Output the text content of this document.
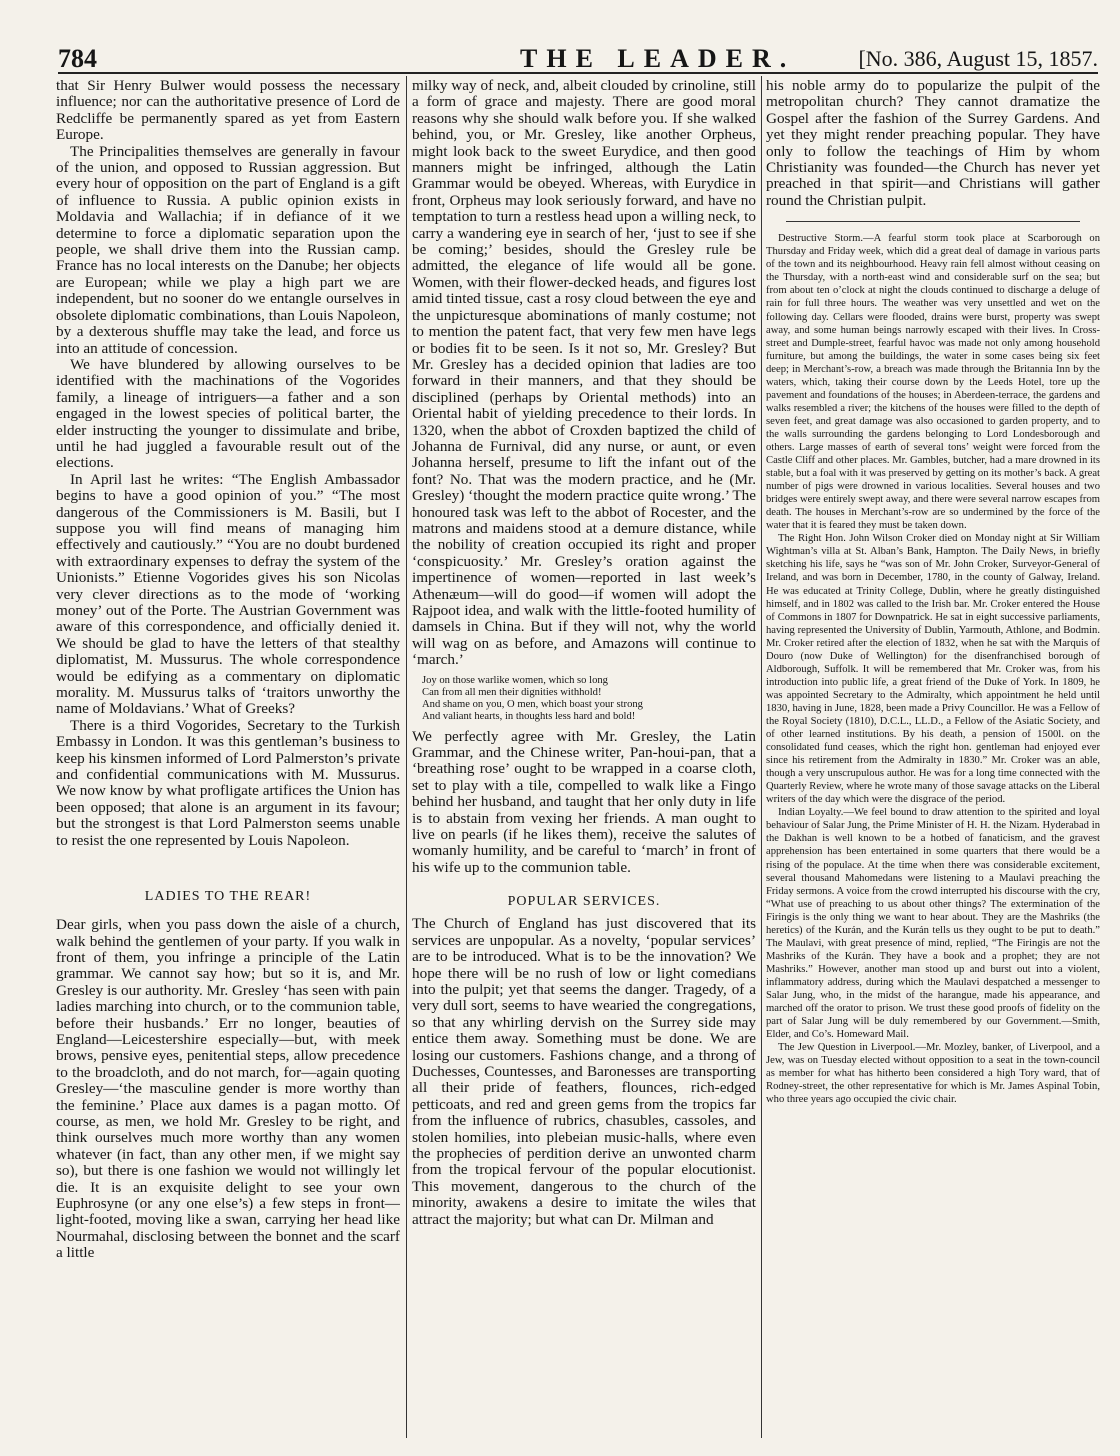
784	THE LEADER.	[No. 386, August 15, 1857.

that Sir Henry Bulwer would possess the necessary influence; nor can the authoritative presence of Lord de Redcliffe be permanently spared as yet from Eastern Europe.

The Principalities themselves are generally in favour of the union, and opposed to Russian aggression. But every hour of opposition on the part of England is a gift of influence to Russia. A public opinion exists in Moldavia and Wallachia; if in defiance of it we determine to force a diplomatic separation upon the people, we shall drive them into the Russian camp. France has no local interests on the Danube; her objects are European; while we play a high part we are independent, but no sooner do we entangle ourselves in obsolete diplomatic combinations, than Louis Napoleon, by a dexterous shuffle may take the lead, and force us into an attitude of concession.

We have blundered by allowing ourselves to be identified with the machinations of the Vogorides family, a lineage of intriguers—a father and a son engaged in the lowest species of political barter, the elder instructing the younger to dissimulate and bribe, until he had juggled a favourable result out of the elections.

In April last he writes: “The English Ambassador begins to have a good opinion of you.” “The most dangerous of the Commissioners is M. Basili, but I suppose you will find means of managing him effectively and cautiously.” “You are no doubt burdened with extraordinary expenses to defray the system of the Unionists.” Etienne Vogorides gives his son Nicolas very clever directions as to the mode of ‘working money’ out of the Porte. The Austrian Government was aware of this correspondence, and officially denied it. We should be glad to have the letters of that stealthy diplomatist, M. Mussurus. The whole correspondence would be edifying as a commentary on diplomatic morality. M. Mussurus talks of ‘traitors unworthy the name of Moldavians.’ What of Greeks?

There is a third Vogorides, Secretary to the Turkish Embassy in London. It was this gentleman’s business to keep his kinsmen informed of Lord Palmerston’s private and confidential communications with M. Mussurus. We now know by what profligate artifices the Union has been opposed; that alone is an argument in its favour; but the strongest is that Lord Palmerston seems unable to resist the one represented by Louis Napoleon.

LADIES TO THE REAR!

Dear girls, when you pass down the aisle of a church, walk behind the gentlemen of your party. If you walk in front of them, you infringe a principle of the Latin grammar. We cannot say how; but so it is, and Mr. Gresley is our authority. Mr. Gresley ‘has seen with pain ladies marching into church, or to the communion table, before their husbands.’ Err no longer, beauties of England—Leicestershire especially—but, with meek brows, pensive eyes, penitential steps, allow precedence to the broadcloth, and do not march, for—again quoting Gresley—‘the masculine gender is more worthy than the feminine.’ Place aux dames is a pagan motto. Of course, as men, we hold Mr. Gresley to be right, and think ourselves much more worthy than any women whatever (in fact, than any other men, if we might say so), but there is one fashion we would not willingly let die. It is an exquisite delight to see your own Euphrosyne (or any one else’s) a few steps in front—light-footed, moving like a swan, carrying her head like Nourmahal, disclosing between the bonnet and the scarf a little

milky way of neck, and, albeit clouded by crinoline, still a form of grace and majesty. There are good moral reasons why she should walk before you. If she walked behind, you, or Mr. Gresley, like another Orpheus, might look back to the sweet Eurydice, and then good manners might be infringed, although the Latin Grammar would be obeyed. Whereas, with Eurydice in front, Orpheus may look seriously forward, and have no temptation to turn a restless head upon a willing neck, to carry a wandering eye in search of her, ‘just to see if she be coming;’ besides, should the Gresley rule be admitted, the elegance of life would all be gone. Women, with their flower-decked heads, and figures lost amid tinted tissue, cast a rosy cloud between the eye and the unpicturesque abominations of manly costume; not to mention the patent fact, that very few men have legs or bodies fit to be seen. Is it not so, Mr. Gresley? But Mr. Gresley has a decided opinion that ladies are too forward in their manners, and that they should be disciplined (perhaps by Oriental methods) into an Oriental habit of yielding precedence to their lords. In 1320, when the abbot of Croxden baptized the child of Johanna de Furnival, did any nurse, or aunt, or even Johanna herself, presume to lift the infant out of the font? No. That was the modern practice, and he (Mr. Gresley) ‘thought the modern practice quite wrong.’ The honoured task was left to the abbot of Rocester, and the matrons and maidens stood at a demure distance, while the nobility of creation occupied its right and proper ‘conspicuosity.’ Mr. Gresley’s oration against the impertinence of women—reported in last week’s Athenæum—will do good—if women will adopt the Rajpoot idea, and walk with the little-footed humility of damsels in China. But if they will not, why the world will wag on as before, and Amazons will continue to ‘march.’

Joy on those warlike women, which so long
Can from all men their dignities withhold!
And shame on you, O men, which boast your strong
And valiant hearts, in thoughts less hard and bold!

We perfectly agree with Mr. Gresley, the Latin Grammar, and the Chinese writer, Pan-houi-pan, that a ‘breathing rose’ ought to be wrapped in a coarse cloth, set to play with a tile, compelled to walk like a Fingo behind her husband, and taught that her only duty in life is to abstain from vexing her friends. A man ought to live on pearls (if he likes them), receive the salutes of womanly humility, and be careful to ‘march’ in front of his wife up to the communion table.

POPULAR SERVICES.

The Church of England has just discovered that its services are unpopular. As a novelty, ‘popular services’ are to be introduced. What is to be the innovation? We hope there will be no rush of low or light comedians into the pulpit; yet that seems the danger. Tragedy, of a very dull sort, seems to have wearied the congregations, so that any whirling dervish on the Surrey side may entice them away. Something must be done. We are losing our customers. Fashions change, and a throng of Duchesses, Countesses, and Baronesses are transporting all their pride of feathers, flounces, rich-edged petticoats, and red and green gems from the tropics far from the influence of rubrics, chasubles, cassoles, and stolen homilies, into plebeian music-halls, where even the prophecies of perdition derive an unwonted charm from the tropical fervour of the popular elocutionist. This movement, dangerous to the church of the minority, awakens a desire to imitate the wiles that attract the majority; but what can Dr. Milman and

his noble army do to popularize the pulpit of the metropolitan church? They cannot dramatize the Gospel after the fashion of the Surrey Gardens. And yet they might render preaching popular. They have only to follow the teachings of Him by whom Christianity was founded—the Church has never yet preached in that spirit—and Christians will gather round the Christian pulpit.

Destructive Storm.—A fearful storm took place at Scarborough on Thursday and Friday week, which did a great deal of damage in various parts of the town and its neighbourhood. Heavy rain fell almost without ceasing on the Thursday, with a north-east wind and considerable surf on the sea; but from about ten o’clock at night the clouds continued to discharge a deluge of rain for full three hours. The weather was very unsettled and wet on the following day. Cellars were flooded, drains were burst, property was swept away, and some human beings narrowly escaped with their lives. In Cross-street and Dumple-street, fearful havoc was made not only among household furniture, but among the buildings, the water in some cases being six feet deep; in Merchant’s-row, a breach was made through the Britannia Inn by the waters, which, taking their course down by the Leeds Hotel, tore up the pavement and foundations of the houses; in Aberdeen-terrace, the gardens and walks resembled a river; the kitchens of the houses were filled to the depth of seven feet, and great damage was also occasioned to garden property, and to the walls surrounding the gardens belonging to Lord Londesborough and others. Large masses of earth of several tons’ weight were forced from the Castle Cliff and other places. Mr. Gambles, butcher, had a mare drowned in its stable, but a foal with it was preserved by getting on its mother’s back. A great number of pigs were drowned in various localities. Several houses and two bridges were entirely swept away, and there were several narrow escapes from death. The houses in Merchant’s-row are so undermined by the force of the water that it is feared they must be taken down.

The Right Hon. John Wilson Croker died on Monday night at Sir William Wightman’s villa at St. Alban’s Bank, Hampton. The Daily News, in briefly sketching his life, says he “was son of Mr. John Croker, Surveyor-General of Ireland, and was born in December, 1780, in the county of Galway, Ireland. He was educated at Trinity College, Dublin, where he greatly distinguished himself, and in 1802 was called to the Irish bar. Mr. Croker entered the House of Commons in 1807 for Downpatrick. He sat in eight successive parliaments, having represented the University of Dublin, Yarmouth, Athlone, and Bodmin. Mr. Croker retired after the election of 1832, when he sat with the Marquis of Douro (now Duke of Wellington) for the disenfranchised borough of Aldborough, Suffolk. It will be remembered that Mr. Croker was, from his introduction into public life, a great friend of the Duke of York. In 1809, he was appointed Secretary to the Admiralty, which appointment he held until 1830, having in June, 1828, been made a Privy Councillor. He was a Fellow of the Royal Society (1810), D.C.L., LL.D., a Fellow of the Asiatic Society, and of other learned institutions. By his death, a pension of 1500l. on the consolidated fund ceases, which the right hon. gentleman had enjoyed ever since his retirement from the Admiralty in 1830.” Mr. Croker was an able, though a very unscrupulous author. He was for a long time connected with the Quarterly Review, where he wrote many of those savage attacks on the Liberal writers of the day which were the disgrace of the period.

Indian Loyalty.—We feel bound to draw attention to the spirited and loyal behaviour of Salar Jung, the Prime Minister of H. H. the Nizam. Hyderabad in the Dakhan is well known to be a hotbed of fanaticism, and the gravest apprehension has been entertained in some quarters that there would be a rising of the populace. At the time when there was considerable excitement, several thousand Mahomedans were listening to a Maulavi preaching the Friday sermons. A voice from the crowd interrupted his discourse with the cry, “What use of preaching to us about other things? The extermination of the Firingis is the only thing we want to hear about. They are the Mashriks (the heretics) of the Kurán, and the Kurán tells us they ought to be put to death.” The Maulavi, with great presence of mind, replied, “The Firingis are not the Mashriks of the Kurán. They have a book and a prophet; they are not Mashriks.” However, another man stood up and burst out into a violent, inflammatory address, during which the Maulavi despatched a messenger to Salar Jung, who, in the midst of the harangue, made his appearance, and marched off the orator to prison. We trust these good proofs of fidelity on the part of Salar Jung will be duly remembered by our Government.—Smith, Elder, and Co’s. Homeward Mail.

The Jew Question in Liverpool.—Mr. Mozley, banker, of Liverpool, and a Jew, was on Tuesday elected without opposition to a seat in the town-council as member for what has hitherto been considered a high Tory ward, that of Rodney-street, the other representative for which is Mr. James Aspinal Tobin, who three years ago occupied the civic chair.
